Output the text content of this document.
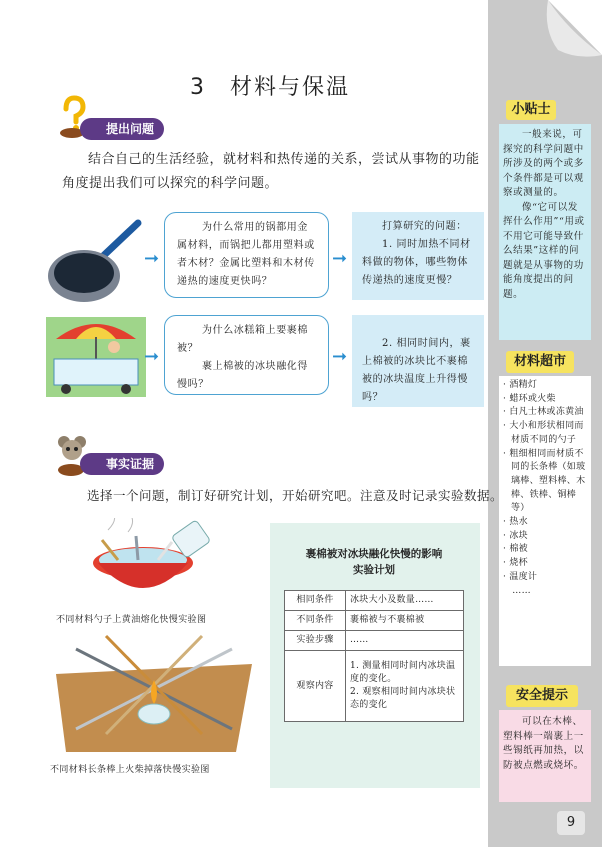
小贴士

一般来说，可探究的科学问题中所涉及的两个或多个条件都是可以观察或测量的。

像“它可以发挥什么作用”“用或不用它可能导致什么结果”这样的问题就是从事物的功能角度提出的问题。

材料超市
· 酒精灯
· 蜡环或火柴
· 白凡士林或冻黄油
· 大小和形状相同而材质不同的勺子
· 粗细相同而材质不同的长条棒（如玻璃棒、塑料棒、木棒、铁棒、铜棒等）
· 热水
· 冰块
· 棉被
· 烧杯
· 温度计
　……
安全提示

可以在木棒、塑料棒一端裹上一些锡纸再加热，以防被点燃或烧坏。

9
3　材料与保温
提出问题
结合自己的生活经验，就材料和热传递的关系，尝试从事物的功能角度提出我们可以探究的科学问题。
➞

为什么常用的锅都用金属材料，而锅把儿都用塑料或者木材？金属比塑料和木材传递热的速度更快吗？

➞

打算研究的问题：

1. 同时加热不同材料做的物体，哪些物体传递热的速度更慢？

➞

为什么冰糕箱上要裹棉被？

裹上棉被的冰块融化得慢吗？

➞

2. 相同时间内，裹上棉被的冰块比不裹棉被的冰块温度上升得慢吗？

事实证据
选择一个问题，制订好研究计划，开始研究吧。注意及时记录实验数据。
不同材料勺子上黄油熔化快慢实验图
不同材料长条棒上火柴掉落快慢实验图
裹棉被对冰块融化快慢的影响
实验计划
相同条件	冰块大小及数量……
不同条件	裹棉被与不裹棉被
实验步骤	……
观察内容	1. 测量相同时间内冰块温度的变化。
2. 观察相同时间内冰块状态的变化
